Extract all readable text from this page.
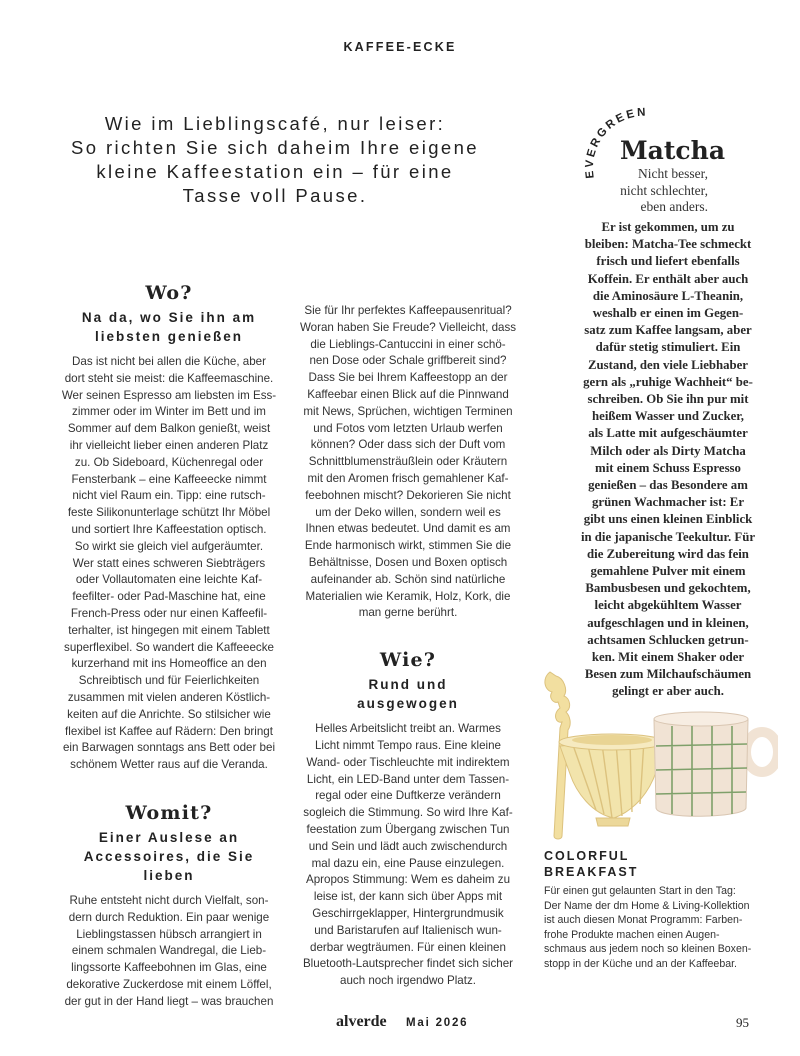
KAFFEE-ECKE
Wie im Lieblingscafé, nur leiser:
So richten Sie sich daheim Ihre eigene
kleine Kaffeestation ein – für eine
Tasse voll Pause.
Wo?
Na da, wo Sie ihn am liebsten genießen

Das ist nicht bei allen die Küche, aber

dort steht sie meist: die Kaffeemaschine.

Wer seinen Espresso am liebsten im Ess-

zimmer oder im Winter im Bett und im

Sommer auf dem Balkon genießt, weist

ihr vielleicht lieber einen anderen Platz

zu. Ob Sideboard, Küchenregal oder

Fensterbank – eine Kaffeeecke nimmt

nicht viel Raum ein. Tipp: eine rutsch-

feste Silikonunterlage schützt Ihr Möbel

und sortiert Ihre Kaffeestation optisch.

So wirkt sie gleich viel aufgeräumter.

Wer statt eines schweren Siebträgers

oder Vollautomaten eine leichte Kaf-

feefilter- oder Pad-Maschine hat, eine

French-Press oder nur einen Kaffeefil-

terhalter, ist hingegen mit einem Tablett

superflexibel. So wandert die Kaffeeecke

kurzerhand mit ins Homeoffice an den

Schreibtisch und für Feierlichkeiten

zusammen mit vielen anderen Köstlich-

keiten auf die Anrichte. So stilsicher wie

flexibel ist Kaffee auf Rädern: Den bringt

ein Barwagen sonntags ans Bett oder bei

schönem Wetter raus auf die Veranda.

Womit?
Einer Auslese an Accessoires, die Sie lieben

Ruhe entsteht nicht durch Vielfalt, son-

dern durch Reduktion. Ein paar wenige

Lieblingstassen hübsch arrangiert in

einem schmalen Wandregal, die Lieb-

lingssorte Kaffeebohnen im Glas, eine

dekorative Zuckerdose mit einem Löffel,

der gut in der Hand liegt – was brauchen

Sie für Ihr perfektes Kaffeepausenritual?

Woran haben Sie Freude? Vielleicht, dass

die Lieblings-Cantuccini in einer schö-

nen Dose oder Schale griffbereit sind?

Dass Sie bei Ihrem Kaffeestopp an der

Kaffeebar einen Blick auf die Pinnwand

mit News, Sprüchen, wichtigen Terminen

und Fotos vom letzten Urlaub werfen

können? Oder dass sich der Duft vom

Schnittblumensträußlein oder Kräutern

mit den Aromen frisch gemahlener Kaf-

feebohnen mischt? Dekorieren Sie nicht

um der Deko willen, sondern weil es

Ihnen etwas bedeutet. Und damit es am

Ende harmonisch wirkt, stimmen Sie die

Behältnisse, Dosen und Boxen optisch

aufeinander ab. Schön sind natürliche

Materialien wie Keramik, Holz, Kork, die

man gerne berührt.

Wie?
Rund und ausgewogen

Helles Arbeitslicht treibt an. Warmes

Licht nimmt Tempo raus. Eine kleine

Wand- oder Tischleuchte mit indirektem

Licht, ein LED-Band unter dem Tassen-

regal oder eine Duftkerze verändern

sogleich die Stimmung. So wird Ihre Kaf-

feestation zum Übergang zwischen Tun

und Sein und lädt auch zwischendurch

mal dazu ein, eine Pause einzulegen.

Apropos Stimmung: Wem es daheim zu

leise ist, der kann sich über Apps mit

Geschirrgeklapper, Hintergrundmusik

und Baristarufen auf Italienisch wun-

derbar wegträumen. Für einen kleinen

Bluetooth-Lautsprecher findet sich sicher

auch noch irgendwo Platz.

EVERGREEN
Matcha
Nicht besser,
nicht schlechter,
eben anders.
Er ist gekommen, um zu
bleiben: Matcha-Tee schmeckt
frisch und liefert ebenfalls
Koffein. Er enthält aber auch
die Aminosäure L-Theanin,
weshalb er einen im Gegen-
satz zum Kaffee langsam, aber
dafür stetig stimuliert. Ein
Zustand, den viele Liebhaber
gern als „ruhige Wachheit“ be-
schreiben. Ob Sie ihn pur mit
heißem Wasser und Zucker,
als Latte mit aufgeschäumter
Milch oder als Dirty Matcha
mit einem Schuss Espresso
genießen – das Besondere am
grünen Wachmacher ist: Er
gibt uns einen kleinen Einblick
in die japanische Teekultur. Für
die Zubereitung wird das fein
gemahlene Pulver mit einem
Bambusbesen und gekochtem,
leicht abgekühltem Wasser
aufgeschlagen und in kleinen,
achtsamen Schlucken getrun-
ken. Mit einem Shaker oder
Besen zum Milchaufschäumen
gelingt er aber auch.
COLORFUL
BREAKFAST
Für einen gut gelaunten Start in den Tag:
Der Name der dm Home & Living-Kollektion
ist auch diesen Monat Programm: Farben-
frohe Produkte machen einen Augen-
schmaus aus jedem noch so kleinen Boxen-
stopp in der Küche und an der Kaffeebar.
alverde Mai 2026	95
